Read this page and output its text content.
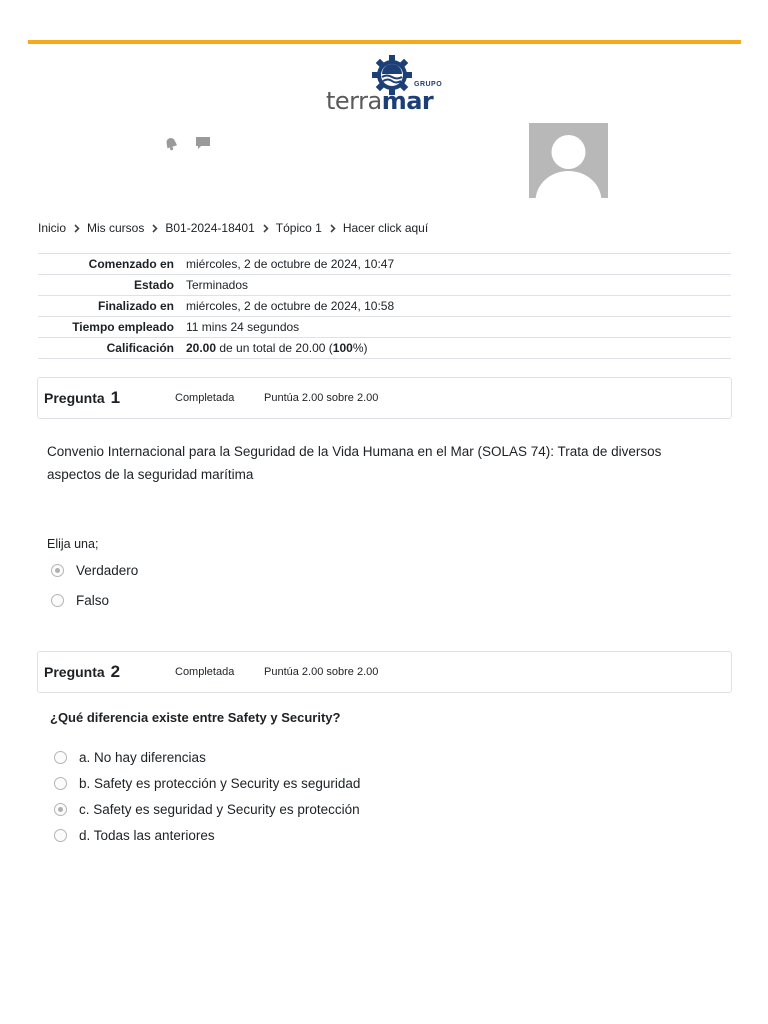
GRUPO
terramar
Inicio Mis cursos B01-2024-18401 Tópico 1 Hacer click aquí
Comenzado en	miércoles, 2 de octubre de 2024, 10:47
Estado	Terminados
Finalizado en	miércoles, 2 de octubre de 2024, 10:58
Tiempo empleado	11 mins 24 segundos
Calificación	20.00 de un total de 20.00 (100%)
Pregunta 1	Completada	Puntúa 2.00 sobre 2.00
Convenio Internacional para la Seguridad de la Vida Humana en el Mar (SOLAS 74): Trata de diversos aspectos de la seguridad marítima
Elija una;
Verdadero
Falso
Pregunta 2	Completada	Puntúa 2.00 sobre 2.00
¿Qué diferencia existe entre Safety y Security?
a. No hay diferencias
b. Safety es protección y Security es seguridad
c. Safety es seguridad y Security es protección
d. Todas las anteriores
